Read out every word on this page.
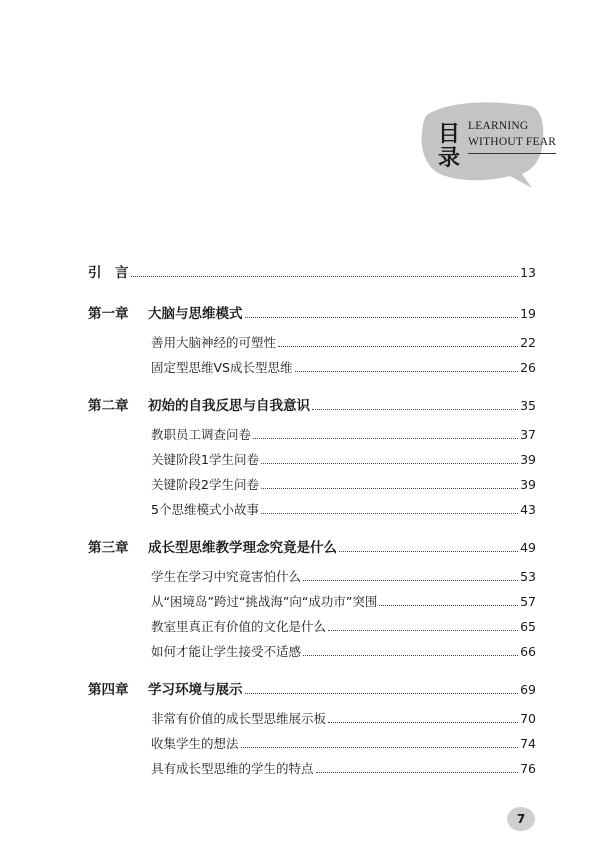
目
录
LEARNING
WITHOUT FEAR
引　言	13
第一章 大脑与思维模式	19
善用大脑神经的可塑性	22
固定型思维VS成长型思维	26
第二章 初始的自我反思与自我意识	35
教职员工调查问卷	37
关键阶段1学生问卷	39
关键阶段2学生问卷	39
5个思维模式小故事	43
第三章 成长型思维教学理念究竟是什么	49
学生在学习中究竟害怕什么	53
从“困境岛”跨过“挑战海”向“成功市”突围	57
教室里真正有价值的文化是什么	65
如何才能让学生接受不适感	66
第四章 学习环境与展示	69
非常有价值的成长型思维展示板	70
收集学生的想法	74
具有成长型思维的学生的特点	76
7
